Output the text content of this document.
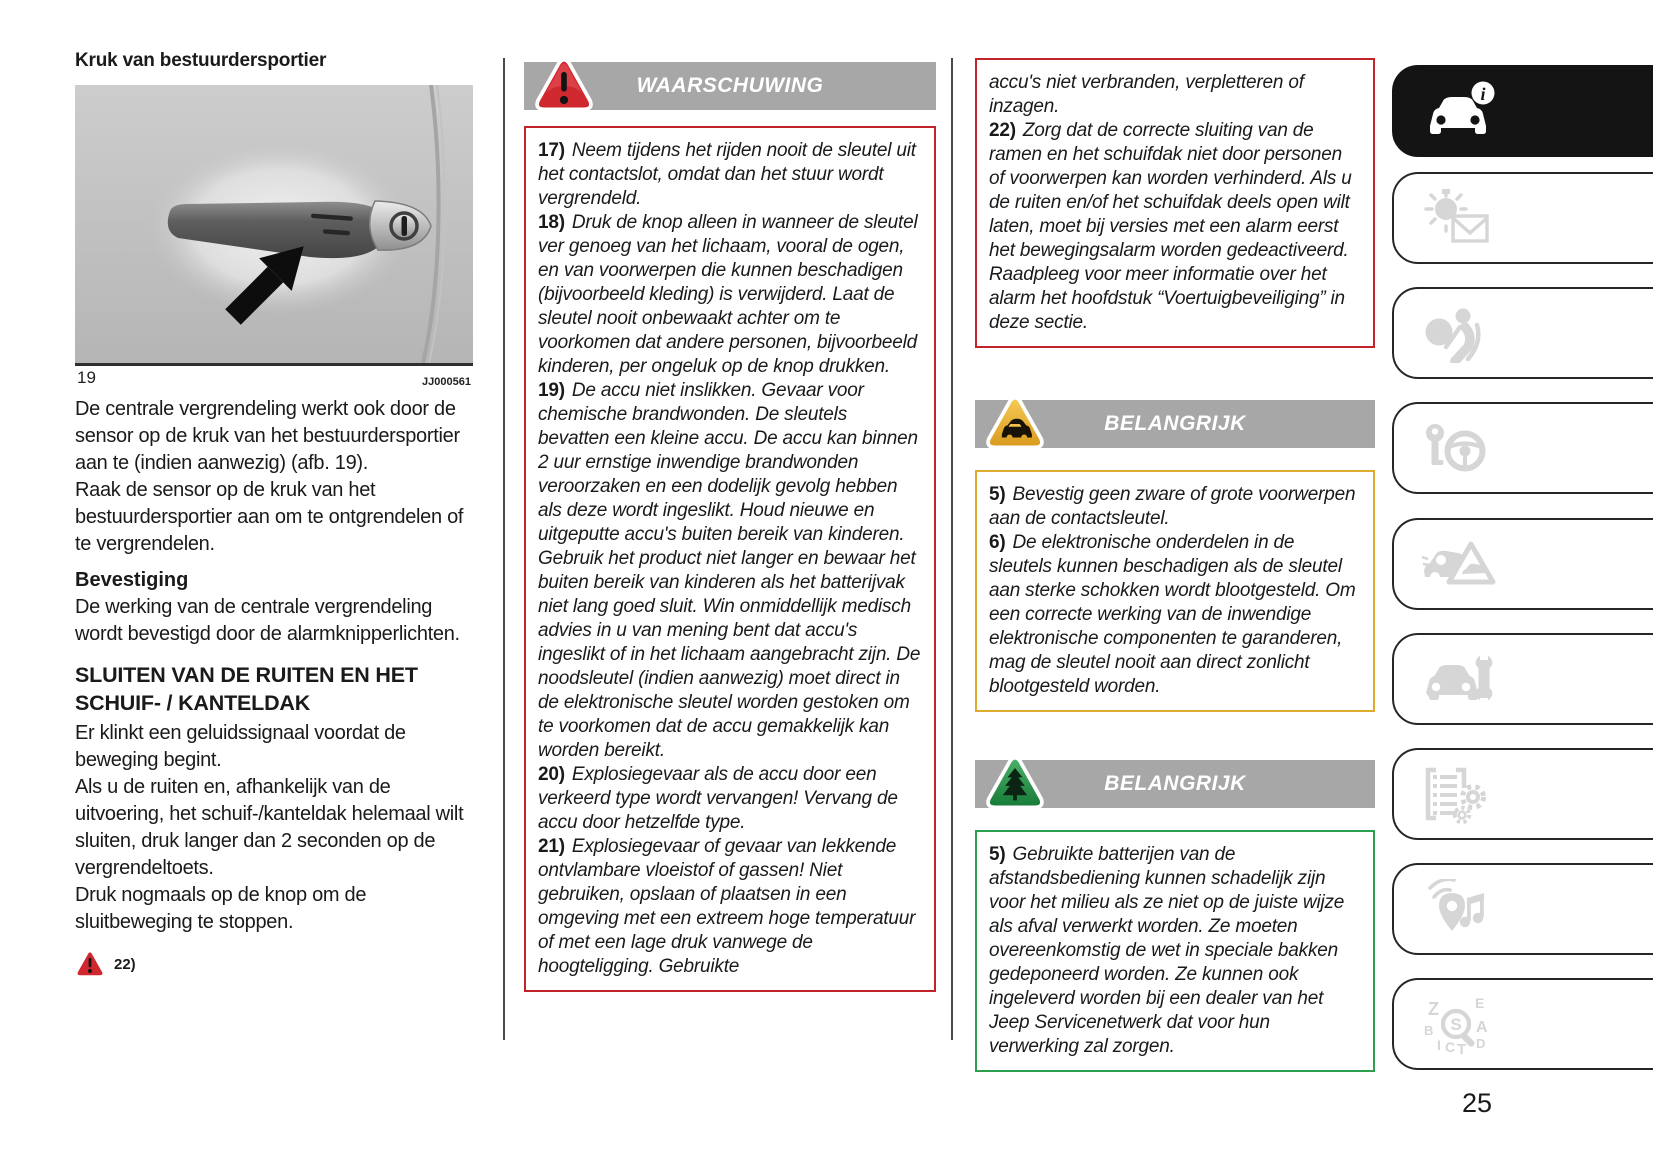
Kruk van bestuurdersportier
19	JJ000561

De centrale vergrendeling werkt ook door de sensor op de kruk van het bestuurdersportier aan te (indien aanwezig) (afb. 19).

Raak de sensor op de kruk van het bestuurdersportier aan om te ontgrendelen of te vergrendelen.

Bevestiging

De werking van de centrale vergrendeling wordt bevestigd door de alarmknipperlichten.

SLUITEN VAN DE RUITEN EN HET SCHUIF- / KANTELDAK

Er klinkt een geluidssignaal voordat de beweging begint.

Als u de ruiten en, afhankelijk van de uitvoering, het schuif-/kanteldak helemaal wilt sluiten, druk langer dan 2 seconden op de vergrendeltoets.

Druk nogmaals op de knop om de sluitbeweging te stoppen.

22)
WAARSCHUWING

17) Neem tijdens het rijden nooit de sleutel uit het contactslot, omdat dan het stuur wordt vergrendeld.

18) Druk de knop alleen in wanneer de sleutel ver genoeg van het lichaam, vooral de ogen, en van voorwerpen die kunnen beschadigen (bijvoorbeeld kleding) is verwijderd. Laat de sleutel nooit onbewaakt achter om te voorkomen dat andere personen, bijvoorbeeld kinderen, per ongeluk op de knop drukken.

19) De accu niet inslikken. Gevaar voor chemische brandwonden. De sleutels bevatten een kleine accu. De accu kan binnen 2 uur ernstige inwendige brandwonden veroorzaken en een dodelijk gevolg hebben als deze wordt ingeslikt. Houd nieuwe en uitgeputte accu's buiten bereik van kinderen. Gebruik het product niet langer en bewaar het buiten bereik van kinderen als het batterijvak niet lang goed sluit. Win onmiddellijk medisch advies in u van mening bent dat accu's ingeslikt of in het lichaam aangebracht zijn. De noodsleutel (indien aanwezig) moet direct in de elektronische sleutel worden gestoken om te voorkomen dat de accu gemakkelijk kan worden bereikt.

20) Explosiegevaar als de accu door een verkeerd type wordt vervangen! Vervang de accu door hetzelfde type.

21) Explosiegevaar of gevaar van lekkende ontvlambare vloeistof of gassen! Niet gebruiken, opslaan of plaatsen in een omgeving met een extreem hoge temperatuur of met een lage druk vanwege de hoogteligging. Gebruikte

accu's niet verbranden, verpletteren of inzagen.

22) Zorg dat de correcte sluiting van de ramen en het schuifdak niet door personen of voorwerpen kan worden verhinderd. Als u de ruiten en/of het schuifdak deels open wilt laten, moet bij versies met een alarm eerst het bewegingsalarm worden gedeactiveerd. Raadpleeg voor meer informatie over het alarm het hoofdstuk “Voertuigbeveiliging” in deze sectie.

BELANGRIJK

5) Bevestig geen zware of grote voorwerpen aan de contactsleutel.

6) De elektronische onderdelen in de sleutels kunnen beschadigen als de sleutel aan sterke schokken wordt blootgesteld. Om een correcte werking van de inwendige elektronische componenten te garanderen, mag de sleutel nooit aan direct zonlicht blootgesteld worden.

BELANGRIJK

5) Gebruikte batterijen van de afstandsbediening kunnen schadelijk zijn voor het milieu als ze niet op de juiste wijze als afval verwerkt worden. Ze moeten overeenkomstig de wet in speciale bakken gedeponeerd worden. Ze kunnen ook ingeleverd worden bij een dealer van het Jeep Servicenetwerk dat voor hun verwerking zal zorgen.

i
Z	E
B	A
I C T D
S
25
